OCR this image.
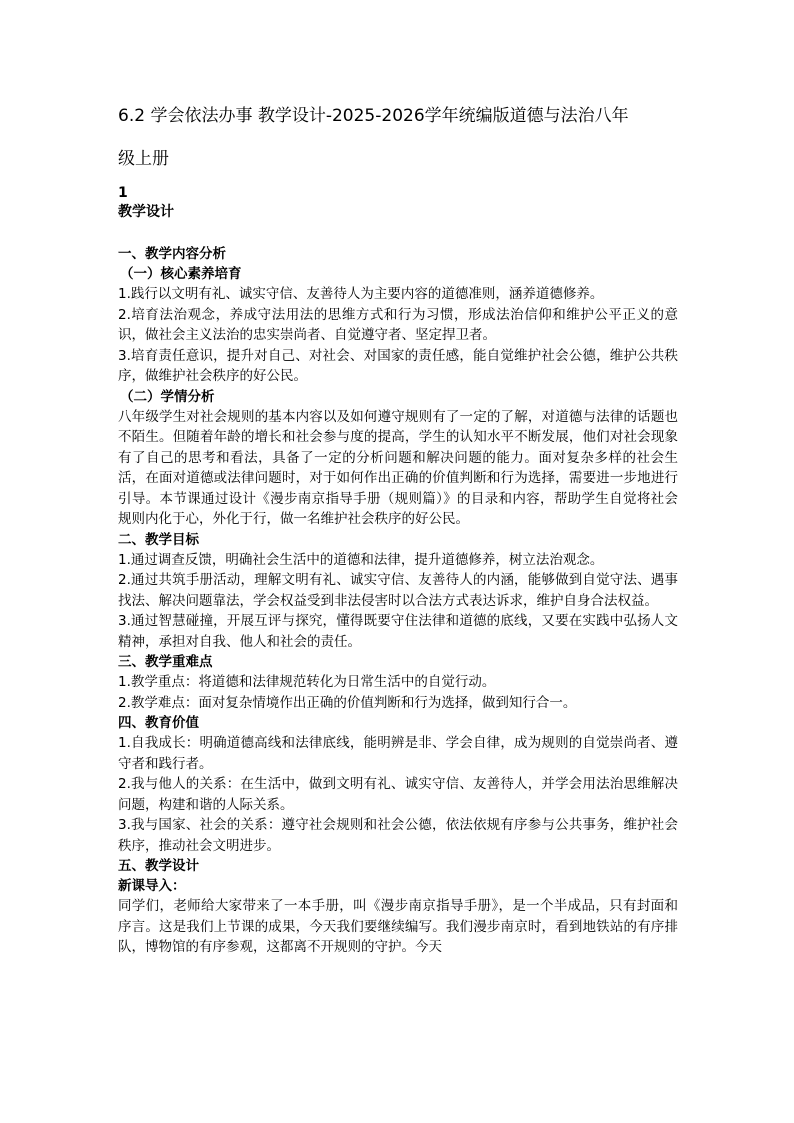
6.2 学会依法办事 教学设计-2025-2026学年统编版道德与法治八年
级上册
1
教学设计
一、教学内容分析
（一）核心素养培育
1.践行以文明有礼、诚实守信、友善待人为主要内容的道德准则，涵养道德修养。
2.培育法治观念，养成守法用法的思维方式和行为习惯，形成法治信仰和维护公平正义的意识，做社会主义法治的忠实崇尚者、自觉遵守者、坚定捍卫者。
3.培育责任意识，提升对自己、对社会、对国家的责任感，能自觉维护社会公德，维护公共秩序，做维护社会秩序的好公民。
（二）学情分析
八年级学生对社会规则的基本内容以及如何遵守规则有了一定的了解，对道德与法律的话题也不陌生。但随着年龄的增长和社会参与度的提高，学生的认知水平不断发展，他们对社会现象有了自己的思考和看法，具备了一定的分析问题和解决问题的能力。面对复杂多样的社会生活，在面对道德或法律问题时，对于如何作出正确的价值判断和行为选择，需要进一步地进行引导。本节课通过设计《漫步南京指导手册（规则篇）》的目录和内容，帮助学生自觉将社会规则内化于心，外化于行，做一名维护社会秩序的好公民。
二、教学目标
1.通过调查反馈，明确社会生活中的道德和法律，提升道德修养，树立法治观念。
2.通过共筑手册活动，理解文明有礼、诚实守信、友善待人的内涵，能够做到自觉守法、遇事找法、解决问题靠法，学会权益受到非法侵害时以合法方式表达诉求，维护自身合法权益。
3.通过智慧碰撞，开展互评与探究，懂得既要守住法律和道德的底线，又要在实践中弘扬人文精神，承担对自我、他人和社会的责任。
三、教学重难点
1.教学重点：将道德和法律规范转化为日常生活中的自觉行动。
2.教学难点：面对复杂情境作出正确的价值判断和行为选择，做到知行合一。
四、教育价值
1.自我成长：明确道德高线和法律底线，能明辨是非、学会自律，成为规则的自觉崇尚者、遵守者和践行者。
2.我与他人的关系：在生活中，做到文明有礼、诚实守信、友善待人，并学会用法治思维解决问题，构建和谐的人际关系。
3.我与国家、社会的关系：遵守社会规则和社会公德，依法依规有序参与公共事务，维护社会秩序，推动社会文明进步。
五、教学设计
新课导入：
同学们，老师给大家带来了一本手册，叫《漫步南京指导手册》，是一个半成品，只有封面和序言。这是我们上节课的成果，今天我们要继续编写。我们漫步南京时，看到地铁站的有序排队，博物馆的有序参观，这都离不开规则的守护。今天
